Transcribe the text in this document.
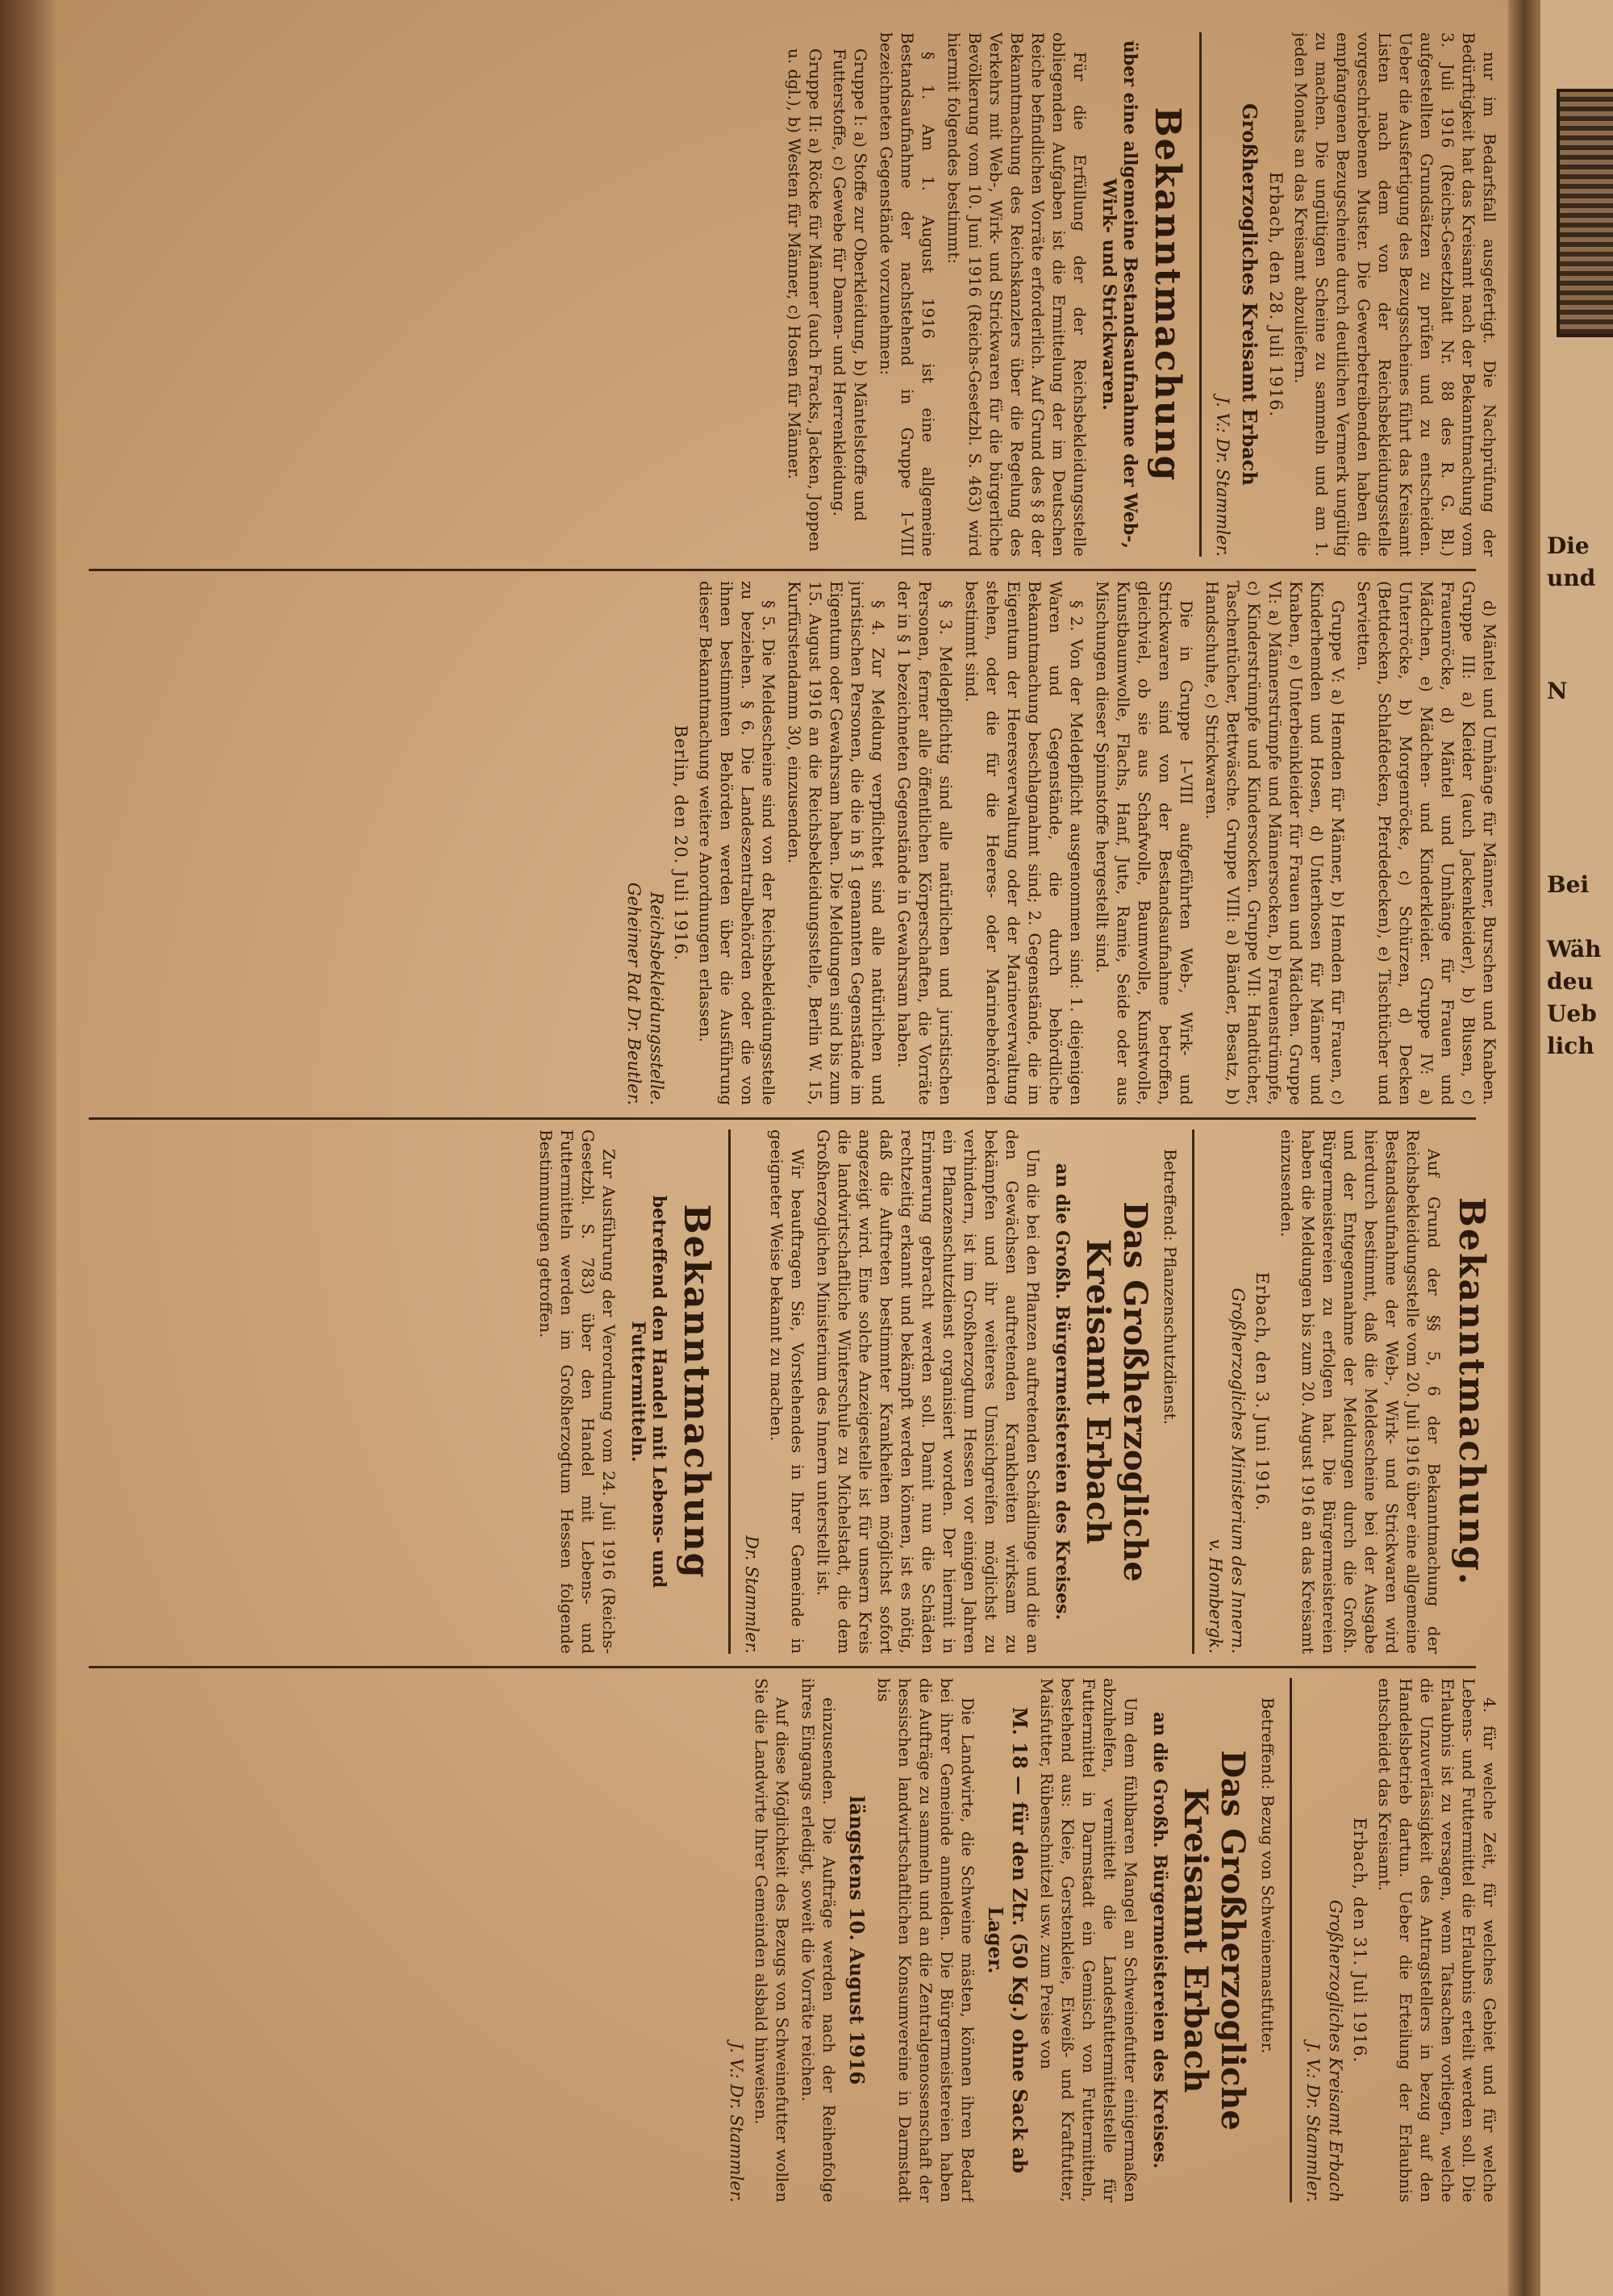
nur im Bedarfsfall ausgefertigt. Die Nachprüfung der Bedürftigkeit hat das Kreisamt nach der Bekanntmachung vom 3. Juli 1916 (Reichs-Gesetzblatt Nr. 88 des R. G. Bl.) aufgestellten Grundsätzen zu prüfen und zu entscheiden. Ueber die Ausfertigung des Bezugsscheines führt das Kreisamt Listen nach dem von der Reichsbekleidungsstelle vorgeschriebenen Muster. Die Gewerbetreibenden haben die empfangenen Bezugscheine durch deutlichen Vermerk ungültig zu machen. Die ungültigen Scheine zu sammeln und am 1. jeden Monats an das Kreisamt abzuliefern.

Erbach, den 28. Juli 1916.

Großherzogliches Kreisamt Erbach

J. V.: Dr. Stammler.

Bekanntmachung
über eine allgemeine Bestandsaufnahme der Web-, Wirk- und Strickwaren.

Für die Erfüllung der der Reichsbekleidungsstelle obliegenden Aufgaben ist die Ermittelung der im Deutschen Reiche befindlichen Vorräte erforderlich. Auf Grund des § 8 der Bekanntmachung des Reichskanzlers über die Regelung des Verkehrs mit Web-, Wirk- und Strickwaren für die bürgerliche Bevölkerung vom 10. Juni 1916 (Reichs-Gesetzbl. S. 463) wird hiermit folgendes bestimmt:

§ 1. Am 1. August 1916 ist eine allgemeine Bestandsaufnahme der nachstehend in Gruppe I–VIII bezeichneten Gegenstände vorzunehmen:

Gruppe I: a) Stoffe zur Oberkleidung, b) Mäntelstoffe und Futterstoffe, c) Gewebe für Damen- und Herrenkleidung.

Gruppe II: a) Röcke für Männer (auch Fracks, Jacken, Joppen u. dgl.), b) Westen für Männer, c) Hosen für Männer.

d) Mäntel und Umhänge für Männer, Burschen und Knaben. Gruppe III: a) Kleider (auch Jackenkleider), b) Blusen, c) Frauenröcke, d) Mäntel und Umhänge für Frauen und Mädchen, e) Mädchen- und Kinderkleider. Gruppe IV: a) Unterröcke, b) Morgenröcke, c) Schürzen, d) Decken (Bettdecken, Schlafdecken, Pferdedecken), e) Tischtücher und Servietten.

Gruppe V: a) Hemden für Männer, b) Hemden für Frauen, c) Kinderhemden und Hosen, d) Unterhosen für Männer und Knaben, e) Unterbeinkleider für Frauen und Mädchen. Gruppe VI: a) Männerstrümpfe und Männersocken, b) Frauenstrümpfe, c) Kinderstrümpfe und Kindersocken. Gruppe VII: Handtücher, Taschentücher, Bettwäsche. Gruppe VIII: a) Bänder, Besatz, b) Handschuhe, c) Strickwaren.

Die in Gruppe I–VIII aufgeführten Web-, Wirk- und Strickwaren sind von der Bestandsaufnahme betroffen, gleichviel, ob sie aus Schafwolle, Baumwolle, Kunstwolle, Kunstbaumwolle, Flachs, Hanf, Jute, Ramie, Seide oder aus Mischungen dieser Spinnstoffe hergestellt sind.

§ 2. Von der Meldepflicht ausgenommen sind: 1. diejenigen Waren und Gegenstände, die durch behördliche Bekanntmachung beschlagnahmt sind; 2. Gegenstände, die im Eigentum der Heeresverwaltung oder der Marineverwaltung stehen, oder die für die Heeres- oder Marinebehörden bestimmt sind.

§ 3. Meldepflichtig sind alle natürlichen und juristischen Personen, ferner alle öffentlichen Körperschaften, die Vorräte der in § 1 bezeichneten Gegenstände in Gewahrsam haben.

§ 4. Zur Meldung verpflichtet sind alle natürlichen und juristischen Personen, die die in § 1 genannten Gegenstände im Eigentum oder Gewahrsam haben. Die Meldungen sind bis zum 15. August 1916 an die Reichsbekleidungsstelle, Berlin W. 15, Kurfürstendamm 30, einzusenden.

§ 5. Die Meldescheine sind von der Reichsbekleidungsstelle zu beziehen. § 6. Die Landeszentralbehörden oder die von ihnen bestimmten Behörden werden über die Ausführung dieser Bekanntmachung weitere Anordnungen erlassen.

Berlin, den 20. Juli 1916.

Reichsbekleidungsstelle.

Geheimer Rat Dr. Beutler.

Bekanntmachung.

Auf Grund der §§ 5, 6 der Bekanntmachung der Reichsbekleidungsstelle vom 20. Juli 1916 über eine allgemeine Bestandsaufnahme der Web-, Wirk- und Strickwaren wird hierdurch bestimmt, daß die Meldescheine bei der Ausgabe und der Entgegennahme der Meldungen durch die Großh. Bürgermeistereien zu erfolgen hat. Die Bürgermeistereien haben die Meldungen bis zum 20. August 1916 an das Kreisamt einzusenden.

Erbach, den 3. Juni 1916.

Großherzogliches Ministerium des Innern.

v. Hombergk.

Betreffend: Pflanzenschutzdienst.

Das Großherzogliche Kreisamt Erbach

an die Großh. Bürgermeistereien des Kreises.

Um die bei den Pflanzen auftretenden Schädlinge und die an den Gewächsen auftretenden Krankheiten wirksam zu bekämpfen und ihr weiteres Umsichgreifen möglichst zu verhindern, ist im Großherzogtum Hessen vor einigen Jahren ein Pflanzenschutzdienst organisiert worden. Der hiermit in Erinnerung gebracht werden soll. Damit nun die Schäden rechtzeitig erkannt und bekämpft werden können, ist es nötig, daß die Auftreten bestimmter Krankheiten möglichst sofort angezeigt wird. Eine solche Anzeigestelle ist für unsern Kreis die landwirtschaftliche Winterschule zu Michelstadt, die dem Großherzoglichen Ministerium des Innern unterstellt ist.

Wir beauftragen Sie, Vorstehendes in Ihrer Gemeinde in geeigneter Weise bekannt zu machen.

Dr. Stammler.

Bekanntmachung
betreffend den Handel mit Lebens- und Futtermitteln.

Zur Ausführung der Verordnung vom 24. Juli 1916 (Reichs-Gesetzbl. S. 783) über den Handel mit Lebens- und Futtermitteln werden im Großherzogtum Hessen folgende Bestimmungen getroffen.

4. für welche Zeit, für welches Gebiet und für welche Lebens- und Futtermittel die Erlaubnis erteilt werden soll. Die Erlaubnis ist zu versagen, wenn Tatsachen vorliegen, welche die Unzuverlässigkeit des Antragstellers in bezug auf den Handelsbetrieb dartun. Ueber die Erteilung der Erlaubnis entscheidet das Kreisamt.

Erbach, den 31. Juli 1916.

Großherzogliches Kreisamt Erbach

J. V.: Dr. Stammler.

Betreffend: Bezug von Schweinemastfutter.

Das Großherzogliche Kreisamt Erbach

an die Großh. Bürgermeistereien des Kreises.

Um dem fühlbaren Mangel an Schweinefutter einigermaßen abzuhelfen, vermittelt die Landesfuttermittelstelle für Futtermittel in Darmstadt ein Gemisch von Futtermitteln, bestehend aus: Kleie, Gerstenkleie, Eiweiß- und Kraftfutter, Maisfutter, Rübenschnitzel usw. zum Preise von

M. 18 — für den Ztr. (50 Kg.) ohne Sack ab Lager.

Die Landwirte, die Schweine mästen, können ihren Bedarf bei ihrer Gemeinde anmelden. Die Bürgermeistereien haben die Aufträge zu sammeln und an die Zentralgenossenschaft der hessischen landwirtschaftlichen Konsumvereine in Darmstadt bis

längstens 10. August 1916

einzusenden. Die Aufträge werden nach der Reihenfolge ihres Eingangs erledigt, soweit die Vorräte reichen.

Auf diese Möglichkeit des Bezugs von Schweinefutter wollen Sie die Landwirte Ihrer Gemeinden alsbald hinweisen.

J. V.: Dr. Stammler.

Die
und
N
Bei
Wäh
deu
Ueb
lich
